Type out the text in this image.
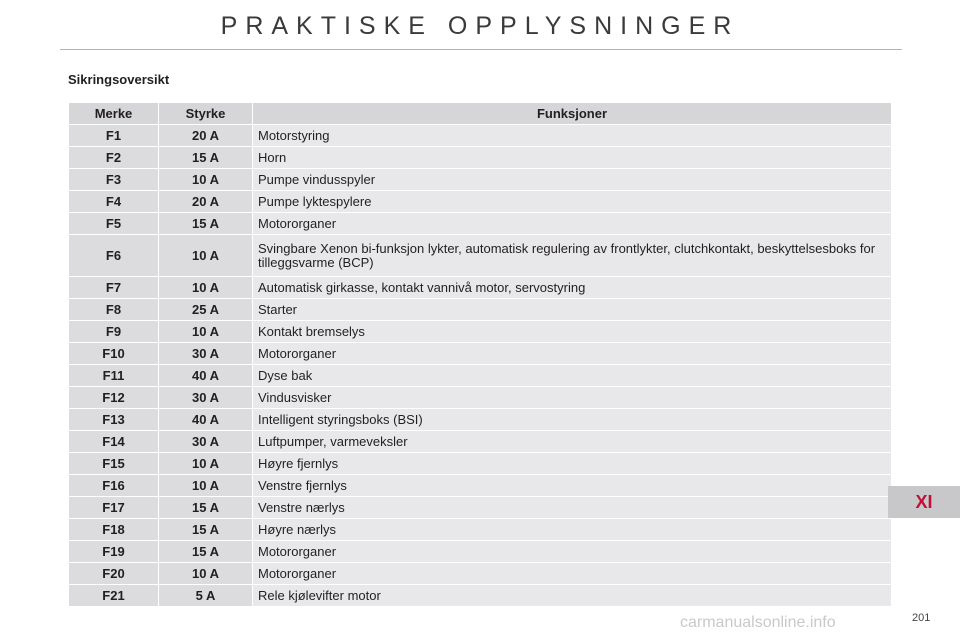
PRAKTISKE OPPLYSNINGER
Sikringsoversikt
Merke	Styrke	Funksjoner
F1	20 A	Motorstyring
F2	15 A	Horn
F3	10 A	Pumpe vindusspyler
F4	20 A	Pumpe lyktespylere
F5	15 A	Motororganer
F6	10 A	Svingbare Xenon bi-funksjon lykter, automatisk regulering av frontlykter, clutchkontakt, beskyttelsesboks for tilleggsvarme (BCP)
F7	10 A	Automatisk girkasse, kontakt vannivå motor, servostyring
F8	25 A	Starter
F9	10 A	Kontakt bremselys
F10	30 A	Motororganer
F11	40 A	Dyse bak
F12	30 A	Vindusvisker
F13	40 A	Intelligent styringsboks (BSI)
F14	30 A	Luftpumper, varmeveksler
F15	10 A	Høyre fjernlys
F16	10 A	Venstre fjernlys
F17	15 A	Venstre nærlys
F18	15 A	Høyre nærlys
F19	15 A	Motororganer
F20	10 A	Motororganer
F21	5 A	Rele kjølevifter motor
XI
201
carmanualsonline.info
